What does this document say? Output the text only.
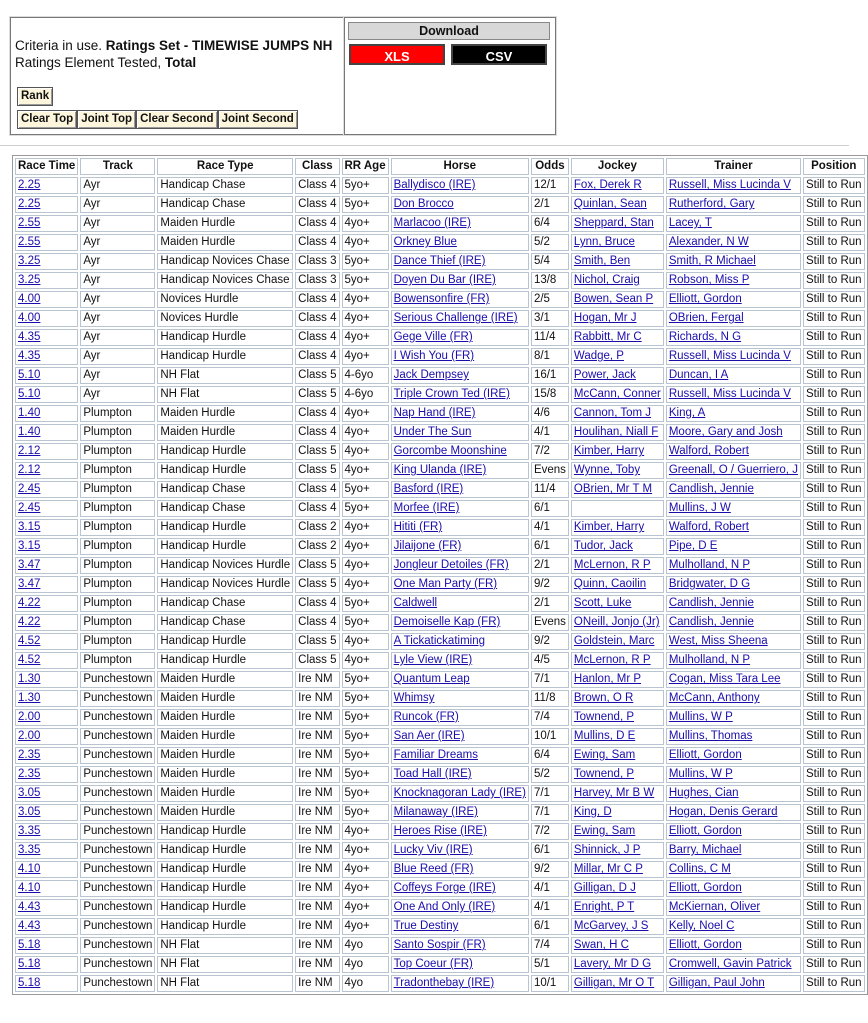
Criteria in use. Ratings Set - TIMEWISE JUMPS NH
Ratings Element Tested, Total
Rank
Clear Top Joint Top Clear Second Joint Second
Download
XLS	CSV
Race Time	Track	Race Type	Class	RR Age	Horse	Odds	Jockey	Trainer	Position
2.25	Ayr	Handicap Chase	Class 4	5yo+	Ballydisco (IRE)	12/1	Fox, Derek R	Russell, Miss Lucinda V	Still to Run
2.25	Ayr	Handicap Chase	Class 4	5yo+	Don Brocco	2/1	Quinlan, Sean	Rutherford, Gary	Still to Run
2.55	Ayr	Maiden Hurdle	Class 4	4yo+	Marlacoo (IRE)	6/4	Sheppard, Stan	Lacey, T	Still to Run
2.55	Ayr	Maiden Hurdle	Class 4	4yo+	Orkney Blue	5/2	Lynn, Bruce	Alexander, N W	Still to Run
3.25	Ayr	Handicap Novices Chase	Class 3	5yo+	Dance Thief (IRE)	5/4	Smith, Ben	Smith, R Michael	Still to Run
3.25	Ayr	Handicap Novices Chase	Class 3	5yo+	Doyen Du Bar (IRE)	13/8	Nichol, Craig	Robson, Miss P	Still to Run
4.00	Ayr	Novices Hurdle	Class 4	4yo+	Bowensonfire (FR)	2/5	Bowen, Sean P	Elliott, Gordon	Still to Run
4.00	Ayr	Novices Hurdle	Class 4	4yo+	Serious Challenge (IRE)	3/1	Hogan, Mr J	OBrien, Fergal	Still to Run
4.35	Ayr	Handicap Hurdle	Class 4	4yo+	Gege Ville (FR)	11/4	Rabbitt, Mr C	Richards, N G	Still to Run
4.35	Ayr	Handicap Hurdle	Class 4	4yo+	I Wish You (FR)	8/1	Wadge, P	Russell, Miss Lucinda V	Still to Run
5.10	Ayr	NH Flat	Class 5	4-6yo	Jack Dempsey	16/1	Power, Jack	Duncan, I A	Still to Run
5.10	Ayr	NH Flat	Class 5	4-6yo	Triple Crown Ted (IRE)	15/8	McCann, Conner	Russell, Miss Lucinda V	Still to Run
1.40	Plumpton	Maiden Hurdle	Class 4	4yo+	Nap Hand (IRE)	4/6	Cannon, Tom J	King, A	Still to Run
1.40	Plumpton	Maiden Hurdle	Class 4	4yo+	Under The Sun	4/1	Houlihan, Niall F	Moore, Gary and Josh	Still to Run
2.12	Plumpton	Handicap Hurdle	Class 5	4yo+	Gorcombe Moonshine	7/2	Kimber, Harry	Walford, Robert	Still to Run
2.12	Plumpton	Handicap Hurdle	Class 5	4yo+	King Ulanda (IRE)	Evens	Wynne, Toby	Greenall, O / Guerriero, J	Still to Run
2.45	Plumpton	Handicap Chase	Class 4	5yo+	Basford (IRE)	11/4	OBrien, Mr T M	Candlish, Jennie	Still to Run
2.45	Plumpton	Handicap Chase	Class 4	5yo+	Morfee (IRE)	6/1		Mullins, J W	Still to Run
3.15	Plumpton	Handicap Hurdle	Class 2	4yo+	Hititi (FR)	4/1	Kimber, Harry	Walford, Robert	Still to Run
3.15	Plumpton	Handicap Hurdle	Class 2	4yo+	Jilaijone (FR)	6/1	Tudor, Jack	Pipe, D E	Still to Run
3.47	Plumpton	Handicap Novices Hurdle	Class 5	4yo+	Jongleur Detoiles (FR)	2/1	McLernon, R P	Mulholland, N P	Still to Run
3.47	Plumpton	Handicap Novices Hurdle	Class 5	4yo+	One Man Party (FR)	9/2	Quinn, Caoilin	Bridgwater, D G	Still to Run
4.22	Plumpton	Handicap Chase	Class 4	5yo+	Caldwell	2/1	Scott, Luke	Candlish, Jennie	Still to Run
4.22	Plumpton	Handicap Chase	Class 4	5yo+	Demoiselle Kap (FR)	Evens	ONeill, Jonjo (Jr)	Candlish, Jennie	Still to Run
4.52	Plumpton	Handicap Hurdle	Class 5	4yo+	A Tickatickatiming	9/2	Goldstein, Marc	West, Miss Sheena	Still to Run
4.52	Plumpton	Handicap Hurdle	Class 5	4yo+	Lyle View (IRE)	4/5	McLernon, R P	Mulholland, N P	Still to Run
1.30	Punchestown	Maiden Hurdle	Ire NM	5yo+	Quantum Leap	7/1	Hanlon, Mr P	Cogan, Miss Tara Lee	Still to Run
1.30	Punchestown	Maiden Hurdle	Ire NM	5yo+	Whimsy	11/8	Brown, O R	McCann, Anthony	Still to Run
2.00	Punchestown	Maiden Hurdle	Ire NM	5yo+	Runcok (FR)	7/4	Townend, P	Mullins, W P	Still to Run
2.00	Punchestown	Maiden Hurdle	Ire NM	5yo+	San Aer (IRE)	10/1	Mullins, D E	Mullins, Thomas	Still to Run
2.35	Punchestown	Maiden Hurdle	Ire NM	5yo+	Familiar Dreams	6/4	Ewing, Sam	Elliott, Gordon	Still to Run
2.35	Punchestown	Maiden Hurdle	Ire NM	5yo+	Toad Hall (IRE)	5/2	Townend, P	Mullins, W P	Still to Run
3.05	Punchestown	Maiden Hurdle	Ire NM	5yo+	Knocknagoran Lady (IRE)	7/1	Harvey, Mr B W	Hughes, Cian	Still to Run
3.05	Punchestown	Maiden Hurdle	Ire NM	5yo+	Milanaway (IRE)	7/1	King, D	Hogan, Denis Gerard	Still to Run
3.35	Punchestown	Handicap Hurdle	Ire NM	4yo+	Heroes Rise (IRE)	7/2	Ewing, Sam	Elliott, Gordon	Still to Run
3.35	Punchestown	Handicap Hurdle	Ire NM	4yo+	Lucky Viv (IRE)	6/1	Shinnick, J P	Barry, Michael	Still to Run
4.10	Punchestown	Handicap Hurdle	Ire NM	4yo+	Blue Reed (FR)	9/2	Millar, Mr C P	Collins, C M	Still to Run
4.10	Punchestown	Handicap Hurdle	Ire NM	4yo+	Coffeys Forge (IRE)	4/1	Gilligan, D J	Elliott, Gordon	Still to Run
4.43	Punchestown	Handicap Hurdle	Ire NM	4yo+	One And Only (IRE)	4/1	Enright, P T	McKiernan, Oliver	Still to Run
4.43	Punchestown	Handicap Hurdle	Ire NM	4yo+	True Destiny	6/1	McGarvey, J S	Kelly, Noel C	Still to Run
5.18	Punchestown	NH Flat	Ire NM	4yo	Santo Sospir (FR)	7/4	Swan, H C	Elliott, Gordon	Still to Run
5.18	Punchestown	NH Flat	Ire NM	4yo	Top Coeur (FR)	5/1	Lavery, Mr D G	Cromwell, Gavin Patrick	Still to Run
5.18	Punchestown	NH Flat	Ire NM	4yo	Tradonthebay (IRE)	10/1	Gilligan, Mr O T	Gilligan, Paul John	Still to Run
